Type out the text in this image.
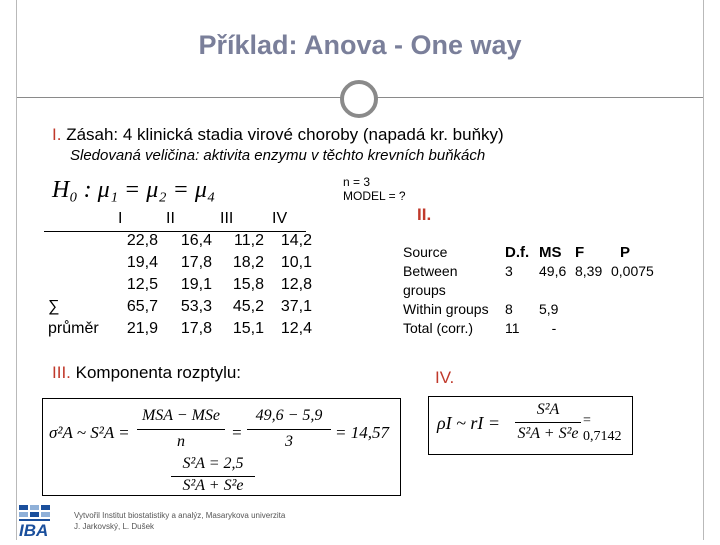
Příklad: Anova - One way
I. Zásah: 4 klinická stadia virové choroby (napadá kr. buňky)
Sledovaná veličina: aktivita enzymu v těchto krevních buňkách
H₀ : μ₁ = μ₂ = μ₄	n = 3
MODEL = ?
II.
	I	II	III	IV
	22,8	16,4	11,2	14,2
	19,4	17,8	18,2	10,1
	12,5	19,1	15,8	12,8
∑	65,7	53,3	45,2	37,1
průměr	21,9	17,8	15,1	12,4
Source	D.f.	MS	F	P
Between groups	3	49,6	8,39	0,0075
Within groups	8	5,9		
Total (corr.)	11	-		
III. Komponenta rozptylu:	IV.
σ²A ~ S²A =
MSA − MSe
n	=
49,6 − 5,9
3	= 14,57
S²A = 2,5
S²A + S²e
ρI ~ rI =
S²A
S²A + S²e
= 0,7142
IBA
Vytvořil Institut biostatistiky a analýz, Masarykova univerzita
J. Jarkovský, L. Dušek
